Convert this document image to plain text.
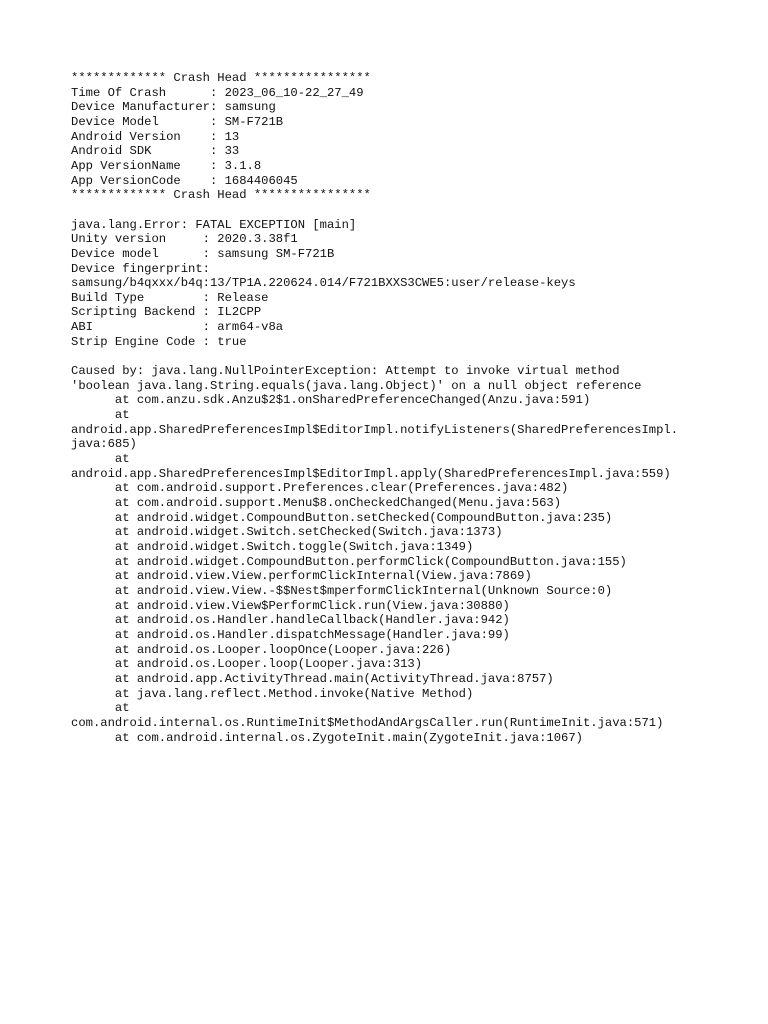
************* Crash Head ****************
Time Of Crash      : 2023_06_10-22_27_49
Device Manufacturer: samsung
Device Model       : SM-F721B
Android Version    : 13
Android SDK        : 33
App VersionName    : 3.1.8
App VersionCode    : 1684406045
************* Crash Head ****************
java.lang.Error: FATAL EXCEPTION [main]
Unity version     : 2020.3.38f1
Device model      : samsung SM-F721B
Device fingerprint:
samsung/b4qxxx/b4q:13/TP1A.220624.014/F721BXXS3CWE5:user/release-keys
Build Type        : Release
Scripting Backend : IL2CPP
ABI               : arm64-v8a
Strip Engine Code : true
Caused by: java.lang.NullPointerException: Attempt to invoke virtual method
'boolean java.lang.String.equals(java.lang.Object)' on a null object reference
at com.anzu.sdk.Anzu$2$1.onSharedPreferenceChanged(Anzu.java:591)
at
android.app.SharedPreferencesImpl$EditorImpl.notifyListeners(SharedPreferencesImpl.
java:685)
at
android.app.SharedPreferencesImpl$EditorImpl.apply(SharedPreferencesImpl.java:559)
at com.android.support.Preferences.clear(Preferences.java:482)
at com.android.support.Menu$8.onCheckedChanged(Menu.java:563)
at android.widget.CompoundButton.setChecked(CompoundButton.java:235)
at android.widget.Switch.setChecked(Switch.java:1373)
at android.widget.Switch.toggle(Switch.java:1349)
at android.widget.CompoundButton.performClick(CompoundButton.java:155)
at android.view.View.performClickInternal(View.java:7869)
at android.view.View.-$$Nest$mperformClickInternal(Unknown Source:0)
at android.view.View$PerformClick.run(View.java:30880)
at android.os.Handler.handleCallback(Handler.java:942)
at android.os.Handler.dispatchMessage(Handler.java:99)
at android.os.Looper.loopOnce(Looper.java:226)
at android.os.Looper.loop(Looper.java:313)
at android.app.ActivityThread.main(ActivityThread.java:8757)
at java.lang.reflect.Method.invoke(Native Method)
at
com.android.internal.os.RuntimeInit$MethodAndArgsCaller.run(RuntimeInit.java:571)
at com.android.internal.os.ZygoteInit.main(ZygoteInit.java:1067)
